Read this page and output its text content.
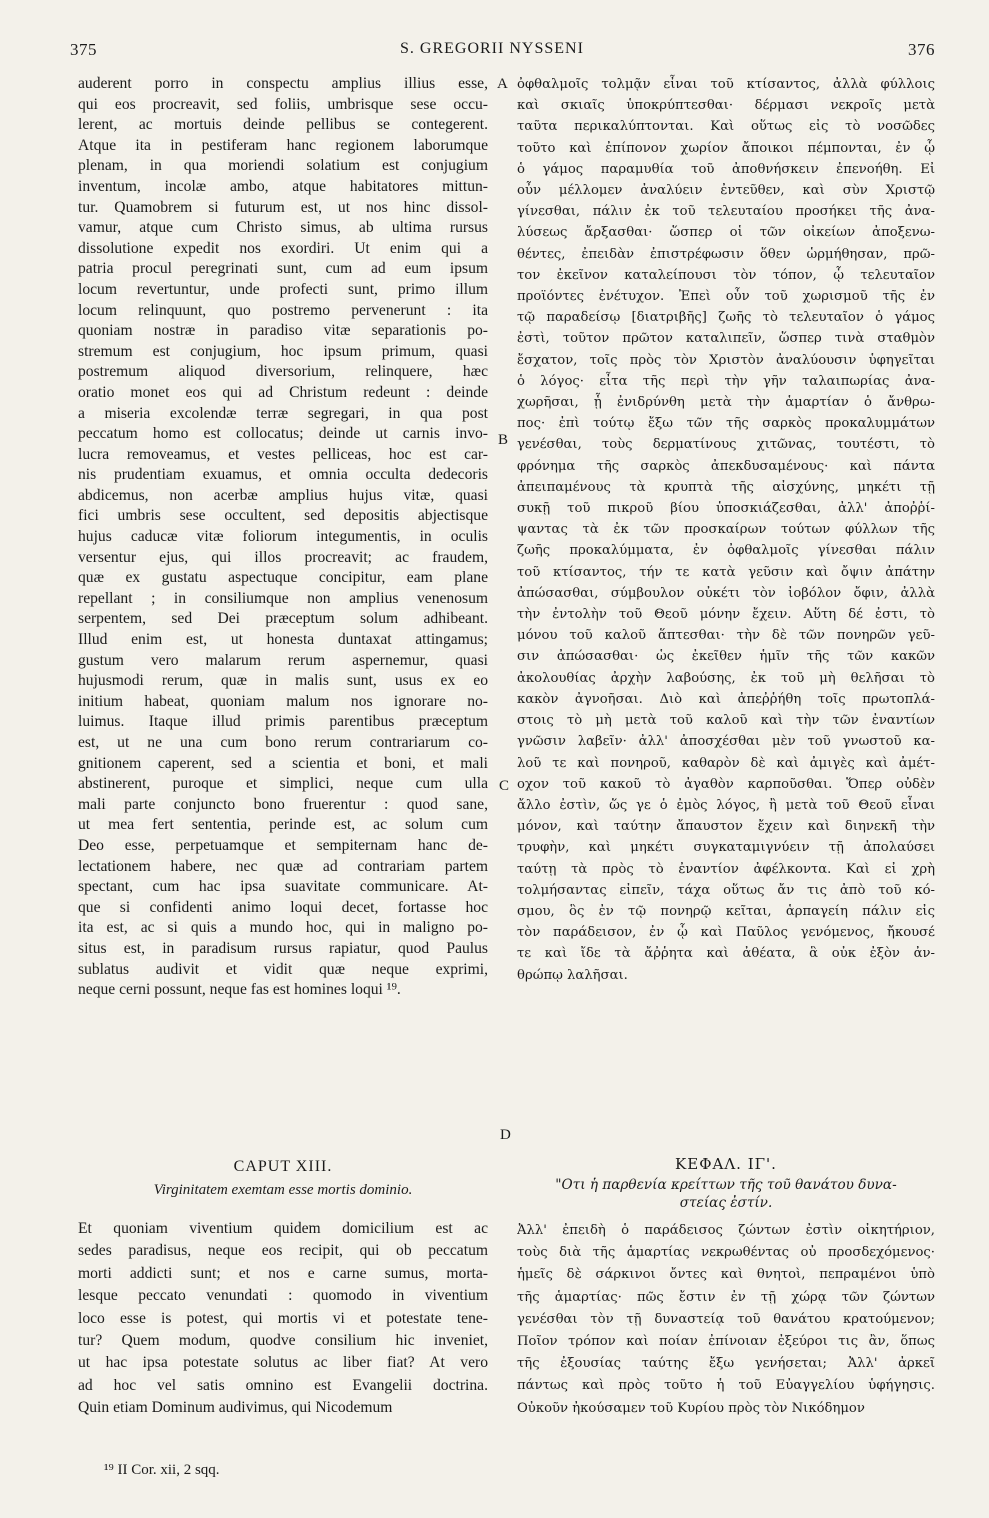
375	S. GREGORII NYSSENI	376

auderent porro in conspectu amplius illius esse,

qui eos procreavit, sed foliis, umbrisque sese occu-

lerent, ac mortuis deinde pellibus se contegerent.

Atque ita in pestiferam hanc regionem laborumque

plenam, in qua moriendi solatium est conjugium

inventum, incolæ ambo, atque habitatores mittun-

tur. Quamobrem si futurum est, ut nos hinc dissol-

vamur, atque cum Christo simus, ab ultima rursus

dissolutione expedit nos exordiri. Ut enim qui a

patria procul peregrinati sunt, cum ad eum ipsum

locum revertuntur, unde profecti sunt, primo illum

locum relinquunt, quo postremo pervenerunt : ita

quoniam nostræ in paradiso vitæ separationis po-

stremum est conjugium, hoc ipsum primum, quasi

postremum aliquod diversorium, relinquere, hæc

oratio monet eos qui ad Christum redeunt : deinde

a miseria excolendæ terræ segregari, in qua post

peccatum homo est collocatus; deinde ut carnis invo-

lucra removeamus, et vestes pelliceas, hoc est car-

nis prudentiam exuamus, et omnia occulta dedecoris

abdicemus, non acerbæ amplius hujus vitæ, quasi

fici umbris sese occultent, sed depositis abjectisque

hujus caducæ vitæ foliorum integumentis, in oculis

versentur ejus, qui illos procreavit; ac fraudem,

quæ ex gustatu aspectuque concipitur, eam plane

repellant ; in consiliumque non amplius venenosum

serpentem, sed Dei præceptum solum adhibeant.

Illud enim est, ut honesta duntaxat attingamus;

gustum vero malarum rerum aspernemur, quasi

hujusmodi rerum, quæ in malis sunt, usus ex eo

initium habeat, quoniam malum nos ignorare no-

luimus. Itaque illud primis parentibus præceptum

est, ut ne una cum bono rerum contrariarum co-

gnitionem caperent, sed a scientia et boni, et mali

abstinerent, puroque et simplici, neque cum ulla

mali parte conjuncto bono fruerentur : quod sane,

ut mea fert sententia, perinde est, ac solum cum

Deo esse, perpetuamque et sempiternam hanc de-

lectationem habere, nec quæ ad contrariam partem

spectant, cum hac ipsa suavitate communicare. At-

que si confidenti animo loqui decet, fortasse hoc

ita est, ac si quis a mundo hoc, qui in maligno po-

situs est, in paradisum rursus rapiatur, quod Paulus

sublatus audivit et vidit quæ neque exprimi,

neque cerni possunt, neque fas est homines loqui ¹⁹.

ὀφθαλμοῖς τολμᾷν εἶναι τοῦ κτίσαντος, ἀλλὰ φύλλοις

καὶ σκιαῖς ὑποκρύπτεσθαι· δέρμασι νεκροῖς μετὰ

ταῦτα περικαλύπτονται. Καὶ οὕτως εἰς τὸ νοσῶδες

τοῦτο καὶ ἐπίπονον χωρίον ἄποικοι πέμπονται, ἐν ᾧ

ὁ γάμος παραμυθία τοῦ ἀποθνήσκειν ἐπενοήθη. Εἰ

οὖν μέλλομεν ἀναλύειν ἐντεῦθεν, καὶ σὺν Χριστῷ

γίνεσθαι, πάλιν ἐκ τοῦ τελευταίου προσήκει τῆς ἀνα-

λύσεως ἄρξασθαι· ὥσπερ οἱ τῶν οἰκείων ἀποξενω-

θέντες, ἐπειδὰν ἐπιστρέφωσιν ὅθεν ὡρμήθησαν, πρῶ-

τον ἐκεῖνον καταλείπουσι τὸν τόπον, ᾧ τελευταῖον

προϊόντες ἐνέτυχον. Ἐπεὶ οὖν τοῦ χωρισμοῦ τῆς ἐν

τῷ παραδείσῳ [διατριβῆς] ζωῆς τὸ τελευταῖον ὁ γάμος

ἐστὶ, τοῦτον πρῶτον καταλιπεῖν, ὥσπερ τινὰ σταθμὸν

ἔσχατον, τοῖς πρὸς τὸν Χριστὸν ἀναλύουσιν ὑφηγεῖται

ὁ λόγος· εἶτα τῆς περὶ τὴν γῆν ταλαιπωρίας ἀνα-

χωρῆσαι, ᾗ ἐνιδρύνθη μετὰ τὴν ἁμαρτίαν ὁ ἄνθρω-

πος· ἐπὶ τούτῳ ἔξω τῶν τῆς σαρκὸς προκαλυμμάτων

γενέσθαι, τοὺς δερματίνους χιτῶνας, τουτέστι, τὸ

φρόνημα τῆς σαρκὸς ἀπεκδυσαμένους· καὶ πάντα

ἀπειπαμένους τὰ κρυπτὰ τῆς αἰσχύνης, μηκέτι τῇ

συκῇ τοῦ πικροῦ βίου ὑποσκιάζεσθαι, ἀλλ' ἀποῤῥί-

ψαντας τὰ ἐκ τῶν προσκαίρων τούτων φύλλων τῆς

ζωῆς προκαλύμματα, ἐν ὀφθαλμοῖς γίνεσθαι πάλιν

τοῦ κτίσαντος, τήν τε κατὰ γεῦσιν καὶ ὄψιν ἀπάτην

ἀπώσασθαι, σύμβουλον οὐκέτι τὸν ἰοβόλον ὄφιν, ἀλλὰ

τὴν ἐντολὴν τοῦ Θεοῦ μόνην ἔχειν. Αὕτη δέ ἐστι, τὸ

μόνου τοῦ καλοῦ ἅπτεσθαι· τὴν δὲ τῶν πονηρῶν γεῦ-

σιν ἀπώσασθαι· ὡς ἐκεῖθεν ἡμῖν τῆς τῶν κακῶν

ἀκολουθίας ἀρχὴν λαβούσης, ἐκ τοῦ μὴ θελῆσαι τὸ

κακὸν ἀγνοῆσαι. Διὸ καὶ ἀπεῤῥήθη τοῖς πρωτοπλά-

στοις τὸ μὴ μετὰ τοῦ καλοῦ καὶ τὴν τῶν ἐναντίων

γνῶσιν λαβεῖν· ἀλλ' ἀποσχέσθαι μὲν τοῦ γνωστοῦ κα-

λοῦ τε καὶ πονηροῦ, καθαρὸν δὲ καὶ ἀμιγὲς καὶ ἀμέτ-

οχον τοῦ κακοῦ τὸ ἀγαθὸν καρποῦσθαι. Ὅπερ οὐδὲν

ἄλλο ἐστὶν, ὥς γε ὁ ἐμὸς λόγος, ἢ μετὰ τοῦ Θεοῦ εἶναι

μόνον, καὶ ταύτην ἄπαυστον ἔχειν καὶ διηνεκῆ τὴν

τρυφὴν, καὶ μηκέτι συγκαταμιγνύειν τῇ ἀπολαύσει

ταύτῃ τὰ πρὸς τὸ ἐναντίον ἀφέλκοντα. Καὶ εἰ χρὴ

τολμήσαντας εἰπεῖν, τάχα οὕτως ἄν τις ἀπὸ τοῦ κό-

σμου, ὃς ἐν τῷ πονηρῷ κεῖται, ἁρπαγείη πάλιν εἰς

τὸν παράδεισον, ἐν ᾧ καὶ Παῦλος γενόμενος, ἤκουσέ

τε καὶ ἴδε τὰ ἄῤῥητα καὶ ἀθέατα, ἃ οὐκ ἐξὸν ἀν-

θρώπῳ λαλῆσαι.

A
B
C
D
CAPUT XIII.
Virginitatem exemtam esse mortis dominio.

Et quoniam viventium quidem domicilium est ac

sedes paradisus, neque eos recipit, qui ob peccatum

morti addicti sunt; et nos e carne sumus, morta-

lesque peccato venundati : quomodo in viventium

loco esse is potest, qui mortis vi et potestate tene-

tur? Quem modum, quodve consilium hic inveniet,

ut hac ipsa potestate solutus ac liber fiat? At vero

ad hoc vel satis omnino est Evangelii doctrina.

Quin etiam Dominum audivimus, qui Nicodemum

ΚΕΦΑΛ. ΙΓ'.
"Οτι ἡ παρθενία κρείττων τῆς τοῦ θανάτου δυνα-
στείας ἐστίν.

Ἀλλ' ἐπειδὴ ὁ παράδεισος ζώντων ἐστὶν οἰκητήριον,

τοὺς διὰ τῆς ἁμαρτίας νεκρωθέντας οὐ προσδεχόμενος·

ἡμεῖς δὲ σάρκινοι ὄντες καὶ θνητοὶ, πεπραμένοι ὑπὸ

τῆς ἁμαρτίας· πῶς ἔστιν ἐν τῇ χώρᾳ τῶν ζώντων

γενέσθαι τὸν τῇ δυναστείᾳ τοῦ θανάτου κρατούμενον;

Ποῖον τρόπον καὶ ποίαν ἐπίνοιαν ἐξεύροι τις ἂν, ὅπως

τῆς ἐξουσίας ταύτης ἔξω γενήσεται; Ἀλλ' ἀρκεῖ

πάντως καὶ πρὸς τοῦτο ἡ τοῦ Εὐαγγελίου ὑφήγησις.

Οὐκοῦν ἠκούσαμεν τοῦ Κυρίου πρὸς τὸν Νικόδημον

¹⁹ II Cor. xii, 2 sqq.
